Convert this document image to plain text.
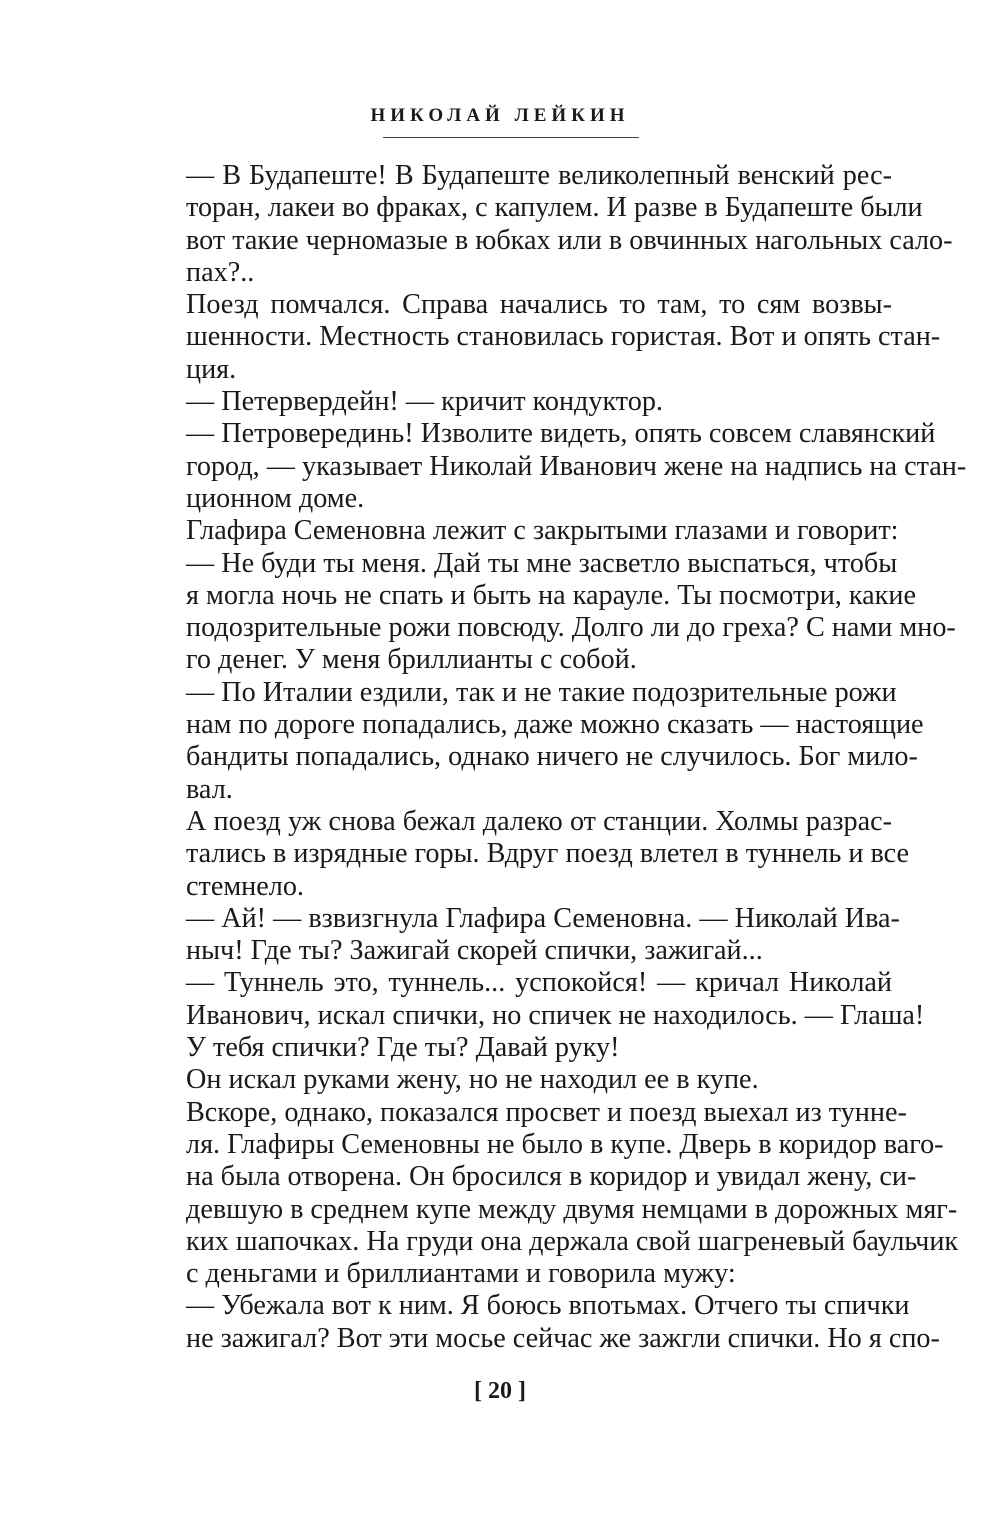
НИКОЛАЙ ЛЕЙКИН

— В Будапеште! В Будапеште великолепный венский рес-
торан, лакеи во фраках, с капулем. И разве в Будапеште были
вот такие черномазые в юбках или в овчинных нагольных сало-
пах?..

Поезд помчался. Справа начались то там, то сям возвы-
шенности. Местность становилась гористая. Вот и опять стан-
ция.

— Петервердейн! — кричит кондуктор.

— Петроверединь! Изволите видеть, опять совсем славянский
город, — указывает Николай Иванович жене на надпись на стан-
ционном доме.

Глафира Семеновна лежит с закрытыми глазами и говорит:

— Не буди ты меня. Дай ты мне засветло выспаться, чтобы
я могла ночь не спать и быть на карауле. Ты посмотри, какие
подозрительные рожи повсюду. Долго ли до греха? С нами мно-
го денег. У меня бриллианты с собой.

— По Италии ездили, так и не такие подозрительные рожи
нам по дороге попадались, даже можно сказать — настоящие
бандиты попадались, однако ничего не случилось. Бог мило-
вал.

А поезд уж снова бежал далеко от станции. Холмы разрас-
тались в изрядные горы. Вдруг поезд влетел в туннель и все
стемнело.

— Ай! — взвизгнула Глафира Семеновна. — Николай Ива-
ныч! Где ты? Зажигай скорей спички, зажигай...

— Туннель это, туннель... успокойся! — кричал Николай
Иванович, искал спички, но спичек не находилось. — Глаша!
У тебя спички? Где ты? Давай руку!

Он искал руками жену, но не находил ее в купе.

Вскоре, однако, показался просвет и поезд выехал из тунне-
ля. Глафиры Семеновны не было в купе. Дверь в коридор ваго-
на была отворена. Он бросился в коридор и увидал жену, си-
девшую в среднем купе между двумя немцами в дорожных мяг-
ких шапочках. На груди она держала свой шагреневый баульчик
с деньгами и бриллиантами и говорила мужу:

— Убежала вот к ним. Я боюсь впотьмах. Отчего ты спички
не зажигал? Вот эти мосье сейчас же зажгли спички. Но я спо-

[ 20 ]
